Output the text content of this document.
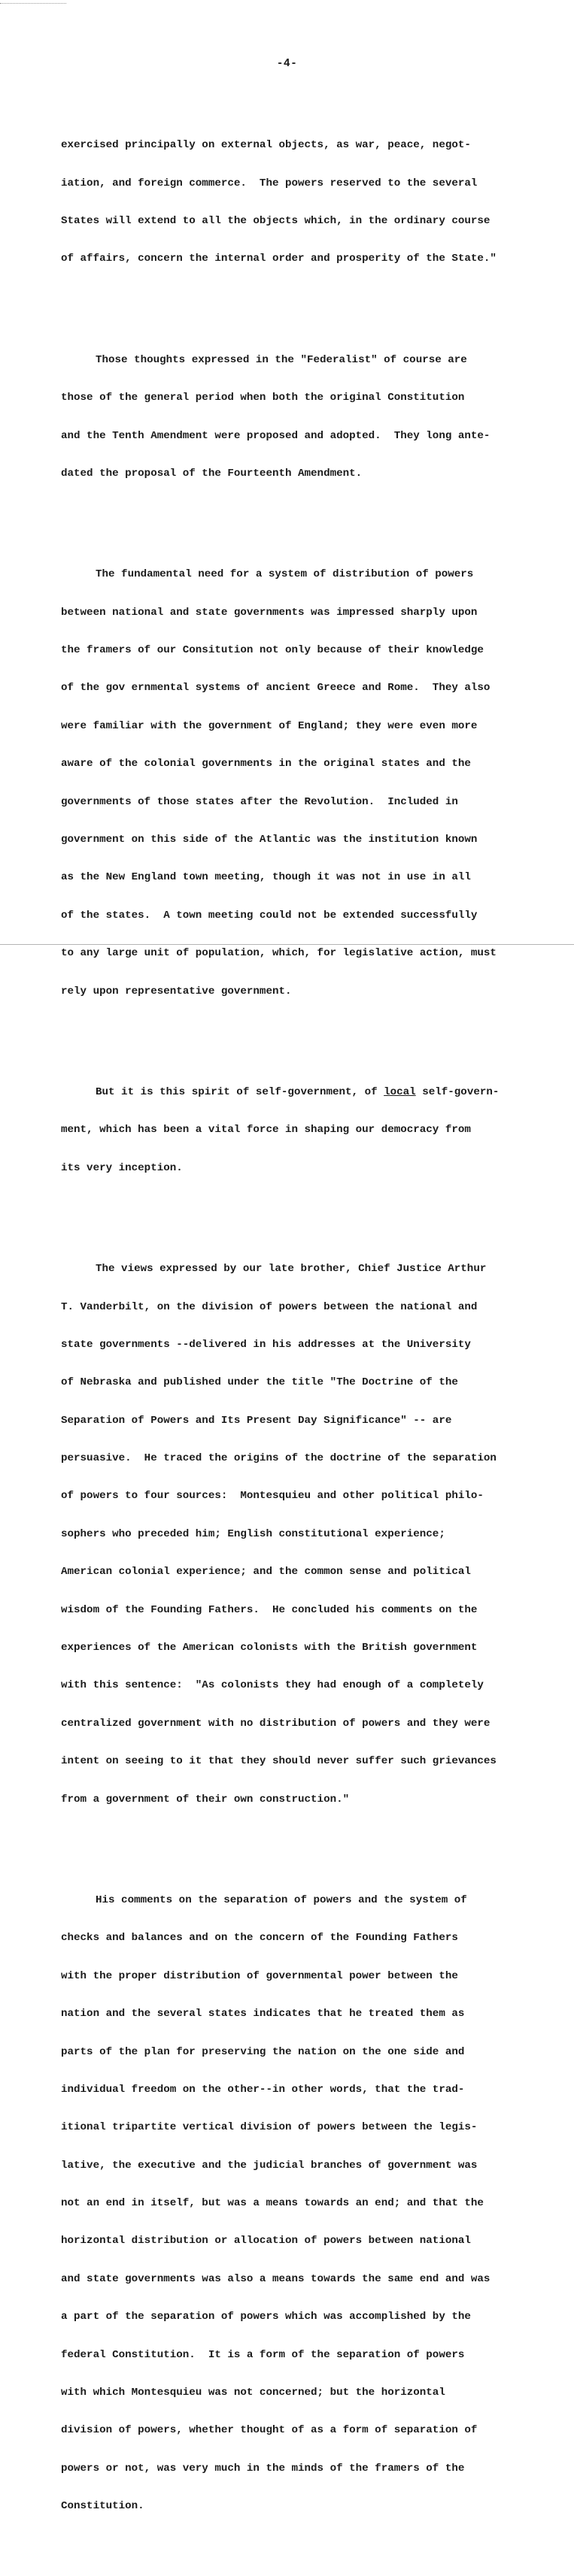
-4-

exercised principally on external objects, as war, peace, negot-

iation, and foreign commerce.  The powers reserved to the several

States will extend to all the objects which, in the ordinary course

of affairs, concern the internal order and prosperity of the State."

Those thoughts expressed in the "Federalist" of course are

those of the general period when both the original Constitution

and the Tenth Amendment were proposed and adopted.  They long ante-

dated the proposal of the Fourteenth Amendment.

The fundamental need for a system of distribution of powers

between national and state governments was impressed sharply upon

the framers of our Consitution not only because of their knowledge

of the gov ernmental systems of ancient Greece and Rome.  They also

were familiar with the government of England; they were even more

aware of the colonial governments in the original states and the

governments of those states after the Revolution.  Included in

government on this side of the Atlantic was the institution known

as the New England town meeting, though it was not in use in all

of the states.  A town meeting could not be extended successfully

to any large unit of population, which, for legislative action, must

rely upon representative government.

But it is this spirit of self-government, of local self-govern-

ment, which has been a vital force in shaping our democracy from

its very inception.

The views expressed by our late brother, Chief Justice Arthur

T. Vanderbilt, on the division of powers between the national and

state governments --delivered in his addresses at the University

of Nebraska and published under the title "The Doctrine of the

Separation of Powers and Its Present Day Significance" -- are

persuasive.  He traced the origins of the doctrine of the separation

of powers to four sources:  Montesquieu and other political philo-

sophers who preceded him; English constitutional experience;

American colonial experience; and the common sense and political

wisdom of the Founding Fathers.  He concluded his comments on the

experiences of the American colonists with the British government

with this sentence:  "As colonists they had enough of a completely

centralized government with no distribution of powers and they were

intent on seeing to it that they should never suffer such grievances

from a government of their own construction."

His comments on the separation of powers and the system of

checks and balances and on the concern of the Founding Fathers

with the proper distribution of governmental power between the

nation and the several states indicates that he treated them as

parts of the plan for preserving the nation on the one side and

individual freedom on the other--in other words, that the trad-

itional tripartite vertical division of powers between the legis-

lative, the executive and the judicial branches of government was

not an end in itself, but was a means towards an end; and that the

horizontal distribution or allocation of powers between national

and state governments was also a means towards the same end and was

a part of the separation of powers which was accomplished by the

federal Constitution.  It is a form of the separation of powers

with which Montesquieu was not concerned; but the horizontal

division of powers, whether thought of as a form of separation of

powers or not, was very much in the minds of the framers of the

Constitution.
